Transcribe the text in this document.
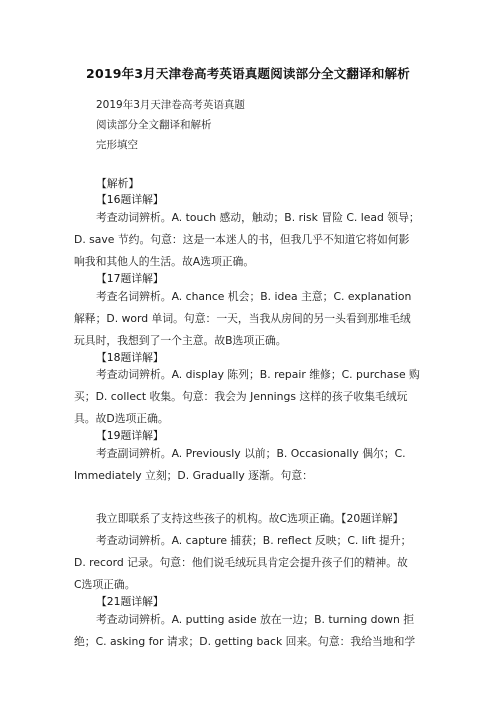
2019年3月天津卷高考英语真题阅读部分全文翻译和解析
2019年3月天津卷高考英语真题
阅读部分全文翻译和解析
完形填空
【解析】
【16题详解】
考查动词辨析。A. touch 感动，触动；B. risk 冒险 C. lead 领导；
D. save 节约。句意：这是一本迷人的书，但我几乎不知道它将如何影
响我和其他人的生活。故A选项正确。
【17题详解】
考查名词辨析。A. chance 机会；B. idea 主意；C. explanation
解释；D. word 单词。句意：一天，当我从房间的另一头看到那堆毛绒
玩具时，我想到了一个主意。故B选项正确。
【18题详解】
考查动词辨析。A. display 陈列；B. repair 维修；C. purchase 购
买；D. collect 收集。句意：我会为 Jennings 这样的孩子收集毛绒玩
具。故D选项正确。
【19题详解】
考查副词辨析。A. Previously 以前；B. Occasionally 偶尔；C.
Immediately 立刻；D. Gradually 逐渐。句意：
我立即联系了支持这些孩子的机构。故C选项正确。【20题详解】
考查动词辨析。A. capture 捕获；B. reflect 反映；C. lift 提升；
D. record 记录。句意：他们说毛绒玩具肯定会提升孩子们的精神。故
C选项正确。
【21题详解】
考查动词辨析。A. putting aside 放在一边；B. turning down 拒
绝；C. asking for 请求；D. getting back 回来。句意：我给当地和学
